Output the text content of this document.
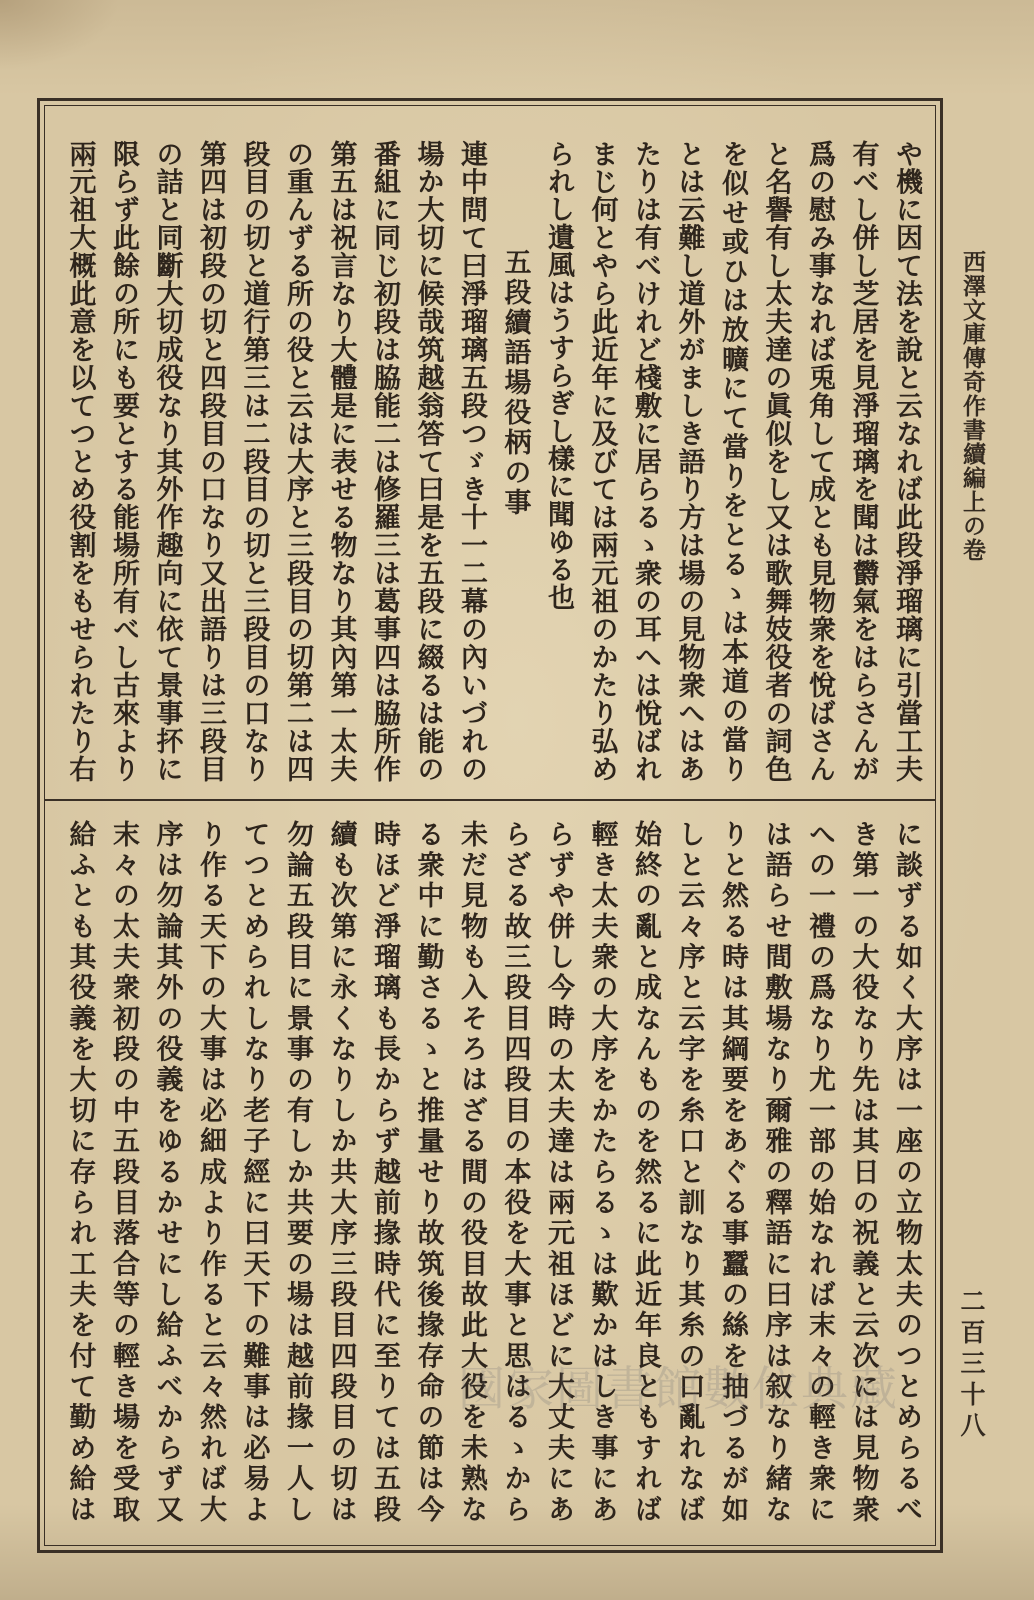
や機に因て法を說と云なれば此段淨瑠璃に引當工夫
有べし併し芝居を見淨瑠璃を聞は欝氣をはらさんが
爲の慰み事なれば兎角して成とも見物衆を悅ばさん
と名譽有し太夫達の眞似をし又は歌舞妓役者の詞色
を似せ或ひは放曠にて當りをとるゝは本道の當り
とは云難し道外がましき語り方は場の見物衆へはあ
たりは有べけれど棧敷に居らるゝ衆の耳へは悅ばれ
まじ何とやら此近年に及びては兩元祖のかたり弘め
られし遺風はうすらぎし樣に聞ゆる也
五段續語場役柄の事
連中問て曰淨瑠璃五段つゞき十一二幕の內いづれの
場か大切に候哉筑越翁答て曰是を五段に綴るは能の
番組に同じ初段は脇能二は修羅三は葛事四は脇所作
第五は祝言なり大體是に表せる物なり其內第一太夫
の重んずる所の役と云は大序と三段目の切第二は四
段目の切と道行第三は二段目の切と三段目の口なり
第四は初段の切と四段目の口なり又出語りは三段目
の詰と同斷大切成役なり其外作趣向に依て景事抔に
限らず此餘の所にも要とする能場所有べし古來より
兩元祖大概此意を以てつとめ役割をもせられたり右
に談ずる如く大序は一座の立物太夫のつとめらるべ
き第一の大役なり先は其日の祝義と云次には見物衆
への一禮の爲なり尤一部の始なれば末々の輕き衆に
は語らせ間敷場なり爾雅の釋語に曰序は叙なり緒な
りと然る時は其綱要をあぐる事蠶の絲を抽づるが如
しと云々序と云字を糸口と訓なり其糸の口亂れなば
始終の亂と成なんものを然るに此近年良ともすれば
輕き太夫衆の大序をかたらるゝは歎かはしき事にあ
らずや併し今時の太夫達は兩元祖ほどに大丈夫にあ
らざる故三段目四段目の本役を大事と思はるゝから
未だ見物も入そろはざる間の役目故此大役を未熟な
る衆中に勤さるゝと推量せり故筑後掾存命の節は今
時ほど淨瑠璃も長からず越前掾時代に至りては五段
續も次第に永くなりしか共大序三段目四段目の切は
勿論五段目に景事の有しか共要の場は越前掾一人し
てつとめられしなり老子經に曰天下の難事は必易よ
り作る天下の大事は必細成より作ると云々然れば大
序は勿論其外の役義をゆるかせにし給ふべからず又
末々の太夫衆初段の中五段目落合等の輕き場を受取
給ふとも其役義を大切に存られ工夫を付て勤め給は
西澤文庫傳奇作書續編上の卷
二百三十八
國家圖書館數位典藏
